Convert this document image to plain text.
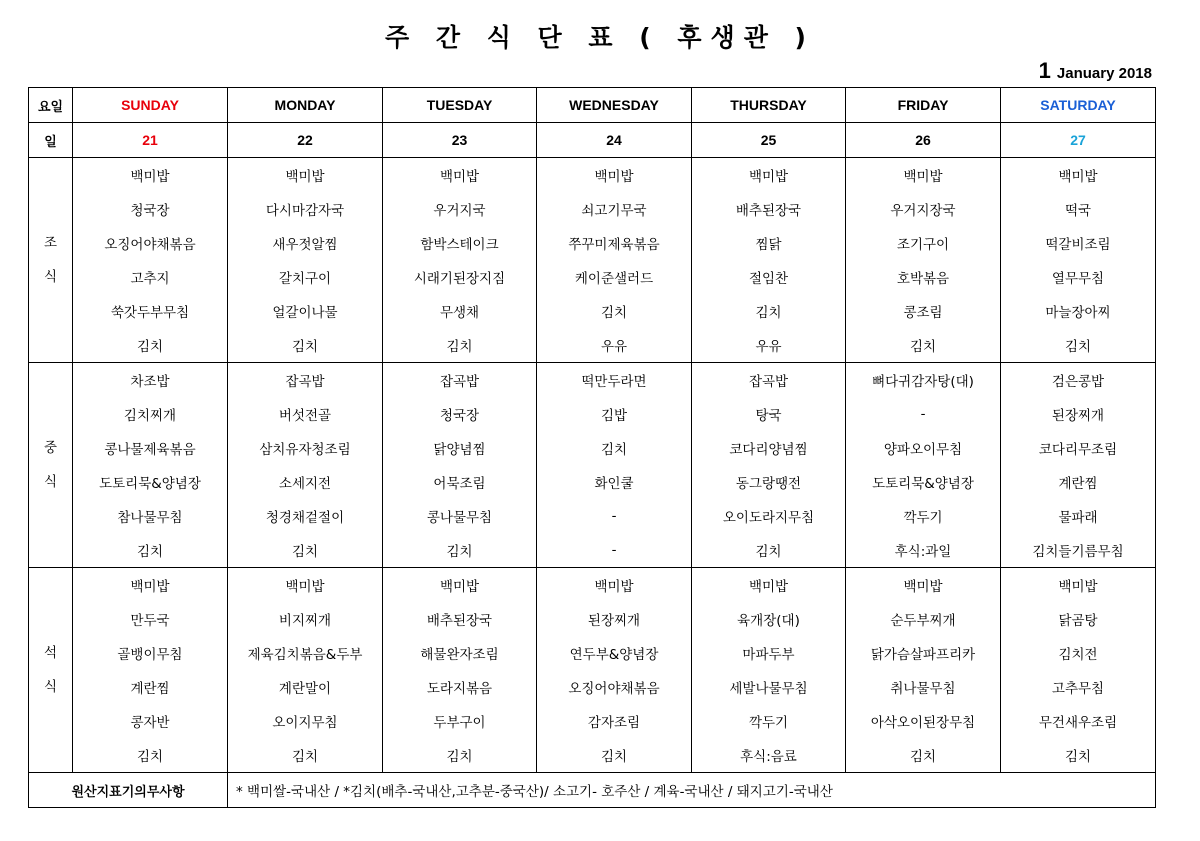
주 간 식 단 표 ( 후생관 )
1 January 2018
요일	SUNDAY	MONDAY	TUESDAY	WEDNESDAY	THURSDAY	FRIDAY	SATURDAY
일	21	22	23	24	25	26	27

조
식	백미밥	백미밥	백미밥	백미밥	백미밥	백미밥	백미밥
	청국장	다시마감자국	우거지국	쇠고기무국	배추된장국	우거지장국	떡국
	오징어야채볶음	새우젓알찜	함박스테이크	쭈꾸미제육볶음	찜닭	조기구이	떡갈비조림
	고추지	갈치구이	시래기된장지짐	케이준샐러드	절임찬	호박볶음	열무무침
	쑥갓두부무침	얼갈이나물	무생채	김치	김치	콩조림	마늘장아찌
	김치	김치	김치	우유	우유	김치	김치

중
식	차조밥	잡곡밥	잡곡밥	떡만두라면	잡곡밥	뼈다귀감자탕(대)	검은콩밥
	김치찌개	버섯전골	청국장	김밥	탕국	-	된장찌개
	콩나물제육볶음	삼치유자청조림	닭양념찜	김치	코다리양념찜	양파오이무침	코다리무조림
	도토리묵&양념장	소세지전	어묵조림	화인쿨	동그랑땡전	도토리묵&양념장	계란찜
	참나물무침	청경채겉절이	콩나물무침	-	오이도라지무침	깍두기	물파래
	김치	김치	김치	-	김치	후식:과일	김치들기름무침

석
식	백미밥	백미밥	백미밥	백미밥	백미밥	백미밥	백미밥
	만두국	비지찌개	배추된장국	된장찌개	육개장(대)	순두부찌개	닭곰탕
	골뱅이무침	제육김치볶음&두부	해물완자조림	연두부&양념장	마파두부	닭가슴살파프리카	김치전
	계란찜	계란말이	도라지볶음	오징어야채볶음	세발나물무침	취나물무침	고추무침
	콩자반	오이지무침	두부구이	감자조림	깍두기	아삭오이된장무침	무건새우조림
	김치	김치	김치	김치	후식:음료	김치	김치
원산지표기의무사항		* 백미쌀-국내산 / *김치(배추-국내산,고추분-중국산)/ 소고기- 호주산 / 계육-국내산 / 돼지고기-국내산					
